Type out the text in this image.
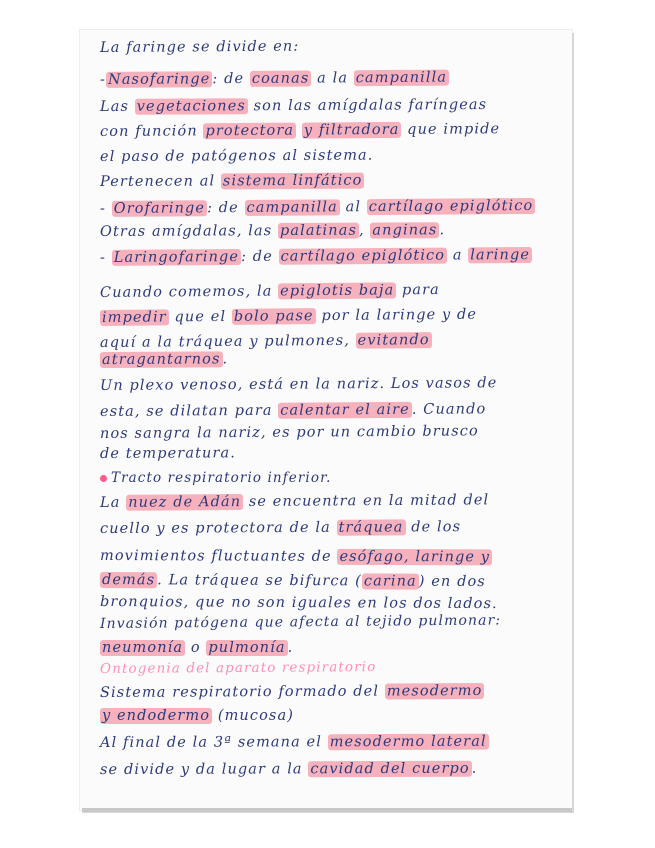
La faringe se divide en:
- Nasofaringe : de coanas a la campanilla
Las vegetaciones son las amígdalas faríngeas
con función protectora y filtradora que impide
el paso de patógenos al sistema.
Pertenecen al sistema linfático
- Orofaringe : de campanilla al cartílago epiglótico
Otras amígdalas, las palatinas , anginas .
- Laringofaringe : de cartílago epiglótico a laringe
Cuando comemos, la epiglotis baja para
impedir que el bolo pase por la laringe y de
aquí a la tráquea y pulmones, evitando
atragantarnos .
Un plexo venoso, está en la nariz. Los vasos de
esta, se dilatan para calentar el aire . Cuando
nos sangra la nariz, es por un cambio brusco
de temperatura.
Tracto respiratorio inferior.
La nuez de Adán se encuentra en la mitad del
cuello y es protectora de la tráquea de los
movimientos fluctuantes de esófago, laringe y
demás . La tráquea se bifurca ( carina ) en dos
bronquios, que no son iguales en los dos lados.
Invasión patógena que afecta al tejido pulmonar:
neumonía o pulmonía .
Ontogenia del aparato respiratorio
Sistema respiratorio formado del mesodermo
y endodermo (mucosa)
Al final de la 3ª semana el mesodermo lateral
se divide y da lugar a la cavidad del cuerpo .
